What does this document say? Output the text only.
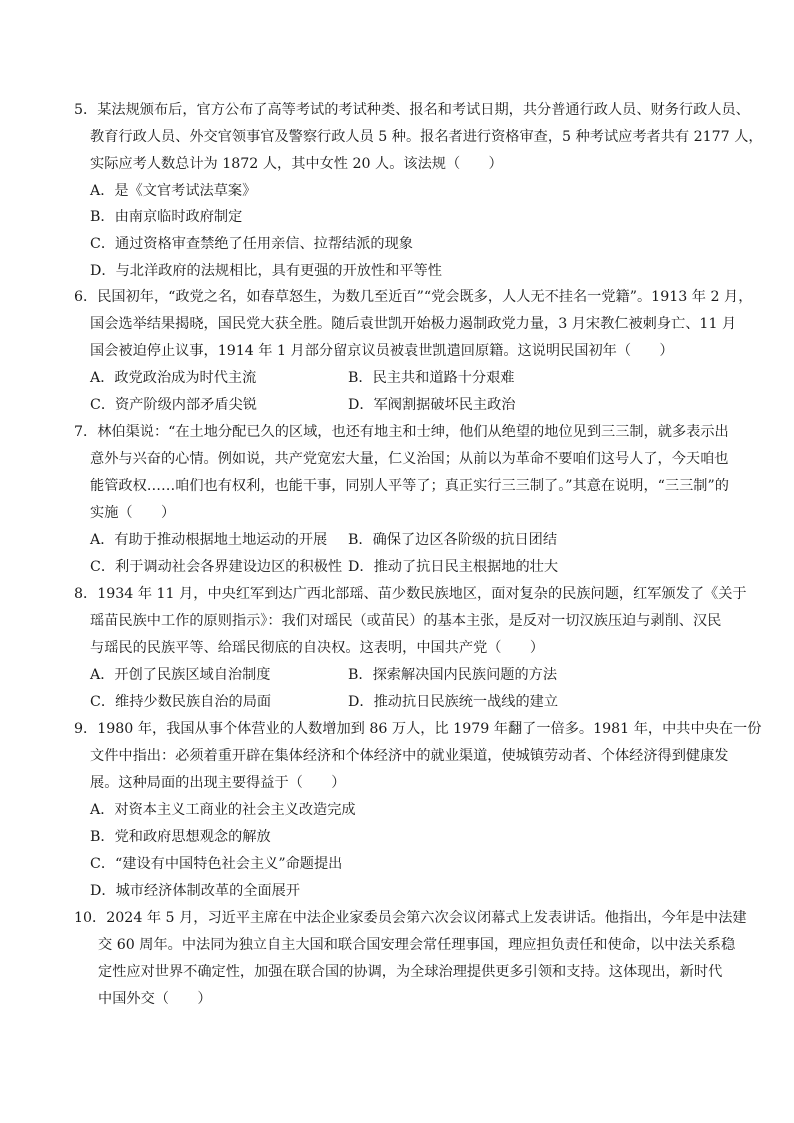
5．某法规颁布后，官方公布了高等考试的考试种类、报名和考试日期，共分普通行政人员、财务行政人员、
教育行政人员、外交官领事官及警察行政人员 5 种。报名者进行资格审查，5 种考试应考者共有 2177 人，
实际应考人数总计为 1872 人，其中女性 20 人。该法规（　　）
A．是《文官考试法草案》
B．由南京临时政府制定
C．通过资格审查禁绝了任用亲信、拉帮结派的现象
D．与北洋政府的法规相比，具有更强的开放性和平等性
6．民国初年，“政党之名，如春草怒生，为数几至近百”“党会既多，人人无不挂名一党籍”。1913 年 2 月，
国会选举结果揭晓，国民党大获全胜。随后袁世凯开始极力遏制政党力量，3 月宋教仁被刺身亡、11 月
国会被迫停止议事，1914 年 1 月部分留京议员被袁世凯遣回原籍。这说明民国初年（　　）
A．政党政治成为时代主流	B．民主共和道路十分艰难
C．资产阶级内部矛盾尖锐	D．军阀割据破坏民主政治
7．林伯渠说：“在土地分配已久的区域，也还有地主和士绅，他们从绝望的地位见到三三制，就多表示出
意外与兴奋的心情。例如说，共产党宽宏大量，仁义治国；从前以为革命不要咱们这号人了，今天咱也
能管政权……咱们也有权利，也能干事，同别人平等了；真正实行三三制了。”其意在说明，“三三制”的
实施（　　）
A．有助于推动根据地土地运动的开展 B．确保了边区各阶级的抗日团结
C．利于调动社会各界建设边区的积极性 D．推动了抗日民主根据地的壮大
8．1934 年 11 月，中央红军到达广西北部瑶、苗少数民族地区，面对复杂的民族问题，红军颁发了《关于
瑶苗民族中工作的原则指示》：我们对瑶民（或苗民）的基本主张，是反对一切汉族压迫与剥削、汉民
与瑶民的民族平等、给瑶民彻底的自决权。这表明，中国共产党（　　）
A．开创了民族区域自治制度	B．探索解决国内民族问题的方法
C．维持少数民族自治的局面	D．推动抗日民族统一战线的建立
9．1980 年，我国从事个体营业的人数增加到 86 万人，比 1979 年翻了一倍多。1981 年，中共中央在一份
文件中指出：必须着重开辟在集体经济和个体经济中的就业渠道，使城镇劳动者、个体经济得到健康发
展。这种局面的出现主要得益于（　　）
A．对资本主义工商业的社会主义改造完成
B．党和政府思想观念的解放
C．“建设有中国特色社会主义”命题提出
D．城市经济体制改革的全面展开
10．2024 年 5 月，习近平主席在中法企业家委员会第六次会议闭幕式上发表讲话。他指出，今年是中法建
交 60 周年。中法同为独立自主大国和联合国安理会常任理事国，理应担负责任和使命，以中法关系稳
定性应对世界不确定性，加强在联合国的协调，为全球治理提供更多引领和支持。这体现出，新时代
中国外交（　　）
